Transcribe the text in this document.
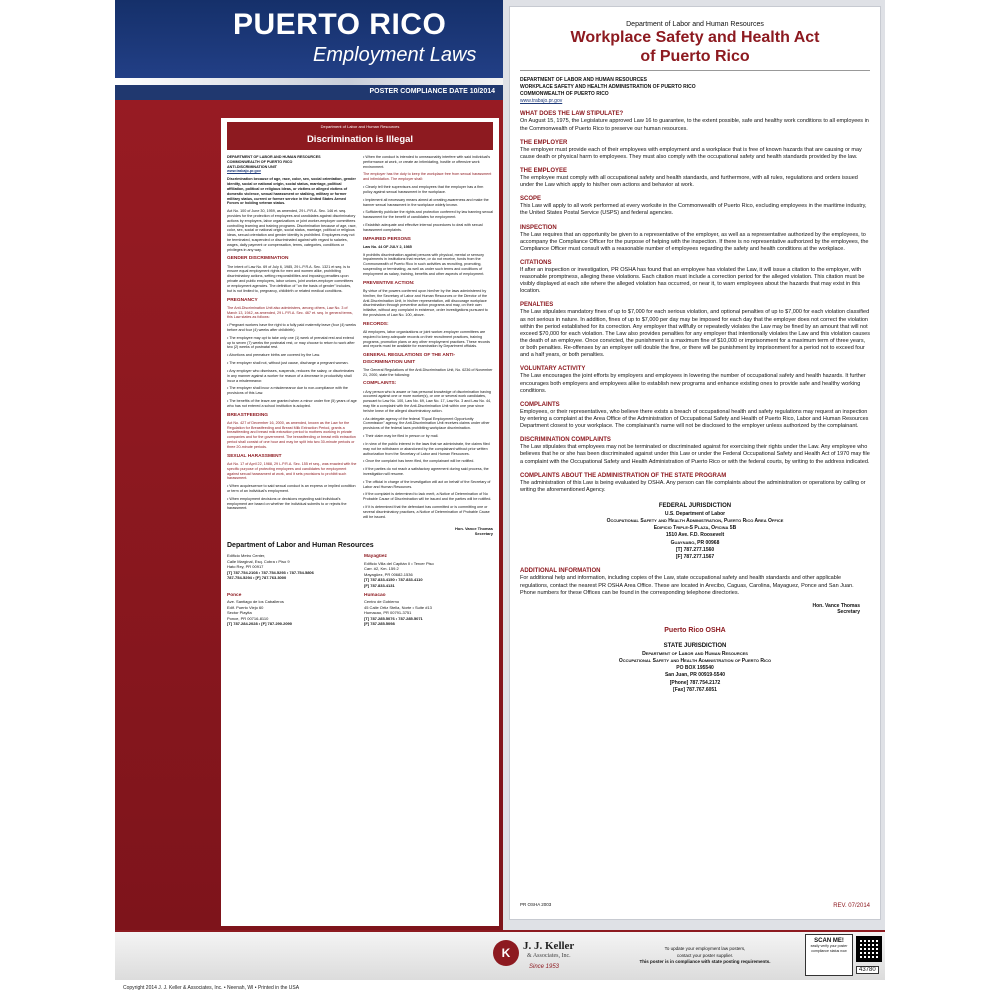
PUERTO RICO
Employment Laws
POSTER COMPLIANCE DATE 10/2014
Department of Labor and Human Resources
Discrimination is Illegal

DEPARTMENT OF LABOR AND HUMAN RESOURCES
COMMONWEALTH OF PUERTO RICO
ANTI-DISCRIMINATION UNIT
www.trabajo.pr.gov

Discrimination because of age, race, color, sex, social orientation, gender identity, social or national origin, social status, marriage, political affiliation, political or religious ideas, or victims or alleged victims of domestic violence, sexual harassment or stalking, military or former military status, current or former service in the United States Armed Forces or holding veteran status.

Act No. 100 of June 30, 1959, as amended, 29 L.P.R.A. Sec. 146 et. seq. provides for the protection of employees and candidates against discriminatory actions by employers, labor organizations or joint worker-employer committees controlling learning and training programs. Discrimination because of age, race, color, sex, social or national origin, social status, marriage, political or religious ideas, sexual orientation and gender identity is prohibited. Employees may not be terminated, suspended or discriminated against with regard to salaries, wages, daily payment or compensation, terms, categories, conditions or privileges in any way.

GENDER DISCRIMINATION

The intent of Law No. 69 of July 6, 1985, 29 L.P.R.A. Sec. 1321 et seq. is to ensure equal employment rights for men and women alike, prohibiting discriminatory actions, setting responsibilities and imposing penalties upon private and public employers, labor unions, joint worker-employer committees or employment agencies. The definition of "on the basis of gender" includes, but is not limited to, pregnancy, childbirth or related medical conditions.

PREGNANCY

The Anti-Discrimination Unit also administers, among others, Law No. 3 of March 13, 1942, as amended, 29 L.P.R.A. Sec. 467 et. seq. In general terms, this Law states as follows:

• Pregnant workers have the right to a fully paid maternity leave (four (4) weeks before and four (4) weeks after childbirth).

• The employee may opt to take only one (1) week of prenatal rest and extend up to seven (7) weeks the postnatal rest, or may choose to return to work after two (2) weeks of postnatal rest.

• Abortions and premature births are covered by the Law.

• The employer shall not, without just cause, discharge a pregnant woman.

• Any employer who dismisses, suspends, reduces the salary, or discriminates in any manner against a worker for reason of a decrease in productivity shall incur a misdemeanor.

• The employer shall incur a misdemeanor due to non-compliance with the provisions of this Law.

• The benefits of the leave are granted when a minor under five (5) years of age who has not entered a school institution is adopted.

BREASTFEEDING

Act No. 427 of December 16, 2000, as amended, known as the Law for the Regulation for Breastfeeding and Breast Milk Extraction Period, grants a breastfeeding and breast milk extraction period to mothers working in private companies and for the government. The breastfeeding or breast milk extraction period shall consist of one hour and may be split into two 30-minute periods or three 20-minute periods.

SEXUAL HARASSMENT

Act No. 17 of April 22, 1988, 29 L.P.R.A. Sec. 155 et seq., was enacted with the specific purpose of protecting employees and candidates for employment against sexual harassment at work, and it sets provisions to prohibit such harassment.

• When acquiescence to said sexual conduct is an express or implied condition or term of an individual's employment.

• When employment decisions or decisions regarding said individual's employment are based on whether the individual submits to or rejects the harassment.

• When the conduct is intended to unreasonably interfere with said individual's performance at work, or create an intimidating, hostile or offensive work environment.

The employer has the duty to keep the workplace free from sexual harassment and intimidation. The employer shall:

• Clearly tell their supervisors and employees that the employer has a firm policy against sexual harassment in the workplace.

• Implement all necessary means aimed at creating awareness and make the banner sexual harassment in the workplace widely known.

• Sufficiently publicize the rights and protection conferred by law banning sexual harassment for the benefit of candidates for employment.

• Establish adequate and effective internal procedures to deal with sexual harassment complaints.

IMPAIRED PERSONS

Law No. 44 OF JULY 2, 1985

It prohibits discrimination against persons with physical, mental or sensory impairments in institutions that receive, or do not receive, funds from the Commonwealth of Puerto Rico in such activities as recruiting, promoting, suspending or terminating, as well as under such terms and conditions of employment as salary, training, benefits and other aspects of employment.

PREVENTIVE ACTION:

By virtue of the powers conferred upon him/her by the laws administered by him/her, the Secretary of Labor and Human Resources or the Director of the Anti-Discrimination Unit, in his/her representation, will discourage workplace discrimination through preventive action programs and may, on their own initiative, without any complaint in existence, order investigations pursuant to the provisions of Law No. 100, above.

RECORDS:

All employers, labor organizations or joint worker-employer committees are required to keep adequate records on their recruitment practices, training programs, promotion plans or any other employment practices. These records and reports must be available for examination by Department officials.

GENERAL REGULATIONS OF THE ANTI-DISCRIMINATION UNIT

The General Regulations of the Anti-Discrimination Unit, No. 6236 of November 21, 2000, state the following:

COMPLAINTS:

• Any person who is aware or has personal knowledge of discrimination having occurred against one or more worker(s), or one or several work candidates, pursuant to Law No. 100, Law No. 69, Law No. 17, Law No. 3 and Law No. 44, may file a complaint with the Anti-Discrimination Unit within one year since he/she knew of the alleged discriminatory action.

• As delegate agency of the federal "Equal Employment Opportunity Commission" agency, the Anti-Discrimination Unit receives claims under other provisions of the federal laws prohibiting workplace discrimination.

• Their claim may be filed in person or by mail.

• In view of the public interest in the laws that we administrate, the claims filed may not be withdrawn or abandoned by the complainant without prior written authorization from the Secretary of Labor and Human Resources.

• Once the complaint has been filed, the complainant will be notified.

• If the parties do not reach a satisfactory agreement during said process, the investigation will resume.

• The official in charge of the investigation will act on behalf of the Secretary of Labor and Human Resources.

• If the complaint is determined to lack merit, a Notice of Determination of No Probable Cause of Discrimination will be issued and the parties will be notified.

• If it is determined that the defendant has committed or is committing one or several discriminatory practices, a Notice of Determination of Probable Cause will be issued.

Hon. Vance Thomas
Secretary
Department of Labor and Human Resources
Edificio Metro Center,
Calle Marginal, Esq. Cobra • Piso 9
Hato Rey, PR 00917
[T] 787.754.2108 • 787.754.5293 • 787.754.5806
787-754-5294 • [F] 787.763.3000
Mayagüez
Edificio Villa del Capitán II • Tercer Piso
Carr. #2, Km. 159.2
Mayagüez, PR 00682-1536
[T] 787.833.4150 • 787.833.4110
[F] 787.833.4131
Ponce
Ave. Santiago de los Caballeros
Edif. Puerto Viejo 60
Sector Playita
Ponce, PR 00716-8110
[T] 787.284.2028 • [F] 787.290.2090
Humacao
Centro de Gobierno
45 Calle Ortiz Stella, Norte • Suite #13
Humacao, PR 00791-3751
[T] 787.285.5076 • 787.285.5071
[F] 787.285.5098
Department of Labor and Human Resources
Workplace Safety and Health Act
of Puerto Rico
DEPARTMENT OF LABOR AND HUMAN RESOURCES
WORKPLACE SAFETY AND HEALTH ADMINISTRATION OF PUERTO RICO
COMMONWEALTH OF PUERTO RICO
www.trabajo.pr.gov
WHAT DOES THE LAW STIPULATE?

On August 15, 1975, the Legislature approved Law 16 to guarantee, to the extent possible, safe and healthy work conditions to all employees in the Commonwealth of Puerto Rico to preserve our human resources.

THE EMPLOYER

The employer must provide each of their employees with employment and a workplace that is free of known hazards that are causing or may cause death or physical harm to employees. They must also comply with the occupational safety and health standards provided by the law.

THE EMPLOYEE

The employee must comply with all occupational safety and health standards, and furthermore, with all rules, regulations and orders issued under the Law which apply to his/her own actions and behavior at work.

SCOPE

This Law will apply to all work performed at every worksite in the Commonwealth of Puerto Rico, excluding employees in the maritime industry, the United States Postal Service (USPS) and federal agencies.

INSPECTION

The Law requires that an opportunity be given to a representative of the employer, as well as a representative authorized by the employees, to accompany the Compliance Officer for the purpose of helping with the inspection. If there is no representative authorized by the employees, the Compliance Officer must consult with a reasonable number of employees regarding the safety and health conditions at the workplace.

CITATIONS

If after an inspection or investigation, PR OSHA has found that an employee has violated the Law, it will issue a citation to the employer, with reasonable promptness, alleging these violations. Each citation must include a correction period for the alleged violation. This citation must be visibly displayed at each site where the alleged violation has occurred, or near it, to warn employees about the hazards that may exist in this location.

PENALTIES

The Law stipulates mandatory fines of up to $7,000 for each serious violation, and optional penalties of up to $7,000 for each violation classified as not serious in nature. In addition, fines of up to $7,000 per day may be imposed for each day that the employer does not correct the violation within the period established for its correction. Any employer that willfully or repeatedly violates the Law may be fined by an amount that will not exceed $70,000 for each violation. The Law also provides penalties for any employer that intentionally violates the Law and this violation causes the death of an employee. Once convicted, the punishment is a maximum fine of $10,000 or imprisonment for a maximum term of three years, or both penalties. Re-offenses by an employer will double the fine, or there will be punishment by imprisonment for a period not to exceed four and a half years, or both penalties.

VOLUNTARY ACTIVITY

The Law encourages the joint efforts by employers and employees in lowering the number of occupational safety and health hazards. It further encourages both employers and employees alike to establish new programs and enhance existing ones to provide safe and healthy working conditions.

COMPLAINTS

Employees, or their representatives, who believe there exists a breach of occupational health and safety regulations may request an inspection by entering a complaint at the Area Office of the Administration of Occupational Safety and Health of Puerto Rico, Labor and Human Resources Department closest to your workplace. The complainant's name will not be disclosed to the employer unless authorized by the complainant.

DISCRIMINATION COMPLAINTS

The Law stipulates that employees may not be terminated or discriminated against for exercising their rights under the Law. Any employee who believes that he or she has been discriminated against under this Law or under the Federal Occupational Safety and Health Act of 1970 may file a complaint with the Occupational Safety and Health Administration of Puerto Rico or with the federal courts, by writing to the address indicated.

COMPLAINTS ABOUT THE ADMINISTRATION OF THE STATE PROGRAM

The administration of this Law is being evaluated by OSHA. Any person can file complaints about the administration or operations by calling or writing the aforementioned Agency.

FEDERAL JURISDICTION
U.S. Department of Labor
Occupational Safety and Health Administration, Puerto Rico Area Office
Edificio Triple-S Plaza, Oficina 5B
1510 Ave. F.D. Roosevelt
Guaynabo, PR 00968
[T] 787.277.1560
[F] 787.277.1567
ADDITIONAL INFORMATION

For additional help and information, including copies of the Law, state occupational safety and health standards and other applicable regulations, contact the nearest PR OSHA Area Office. These are located in Arecibo, Caguas, Carolina, Mayaguez, Ponce and San Juan. Phone numbers for these Offices can be found in the corresponding telephone directories.

Hon. Vance Thomas
Secretary
Puerto Rico OSHA
STATE JURISDICTION
Department of Labor and Human Resources
Occupational Safety and Health Administration of Puerto Rico
PO BOX 195540
San Juan, PR 00919-5540
[Phone] 787.754.2172
[Fax] 787.767.6051
PR OSHA 2003	REV. 07/2014
K	J. J. Keller
& Associates, Inc.
Since 1953
To update your employment law posters,
contact your poster supplier.
This poster is in compliance with state posting requirements.
SCAN ME!
easily verify your poster compliance status now
43780
Copyright 2014 J. J. Keller & Associates, Inc. • Neenah, WI • Printed in the USA
